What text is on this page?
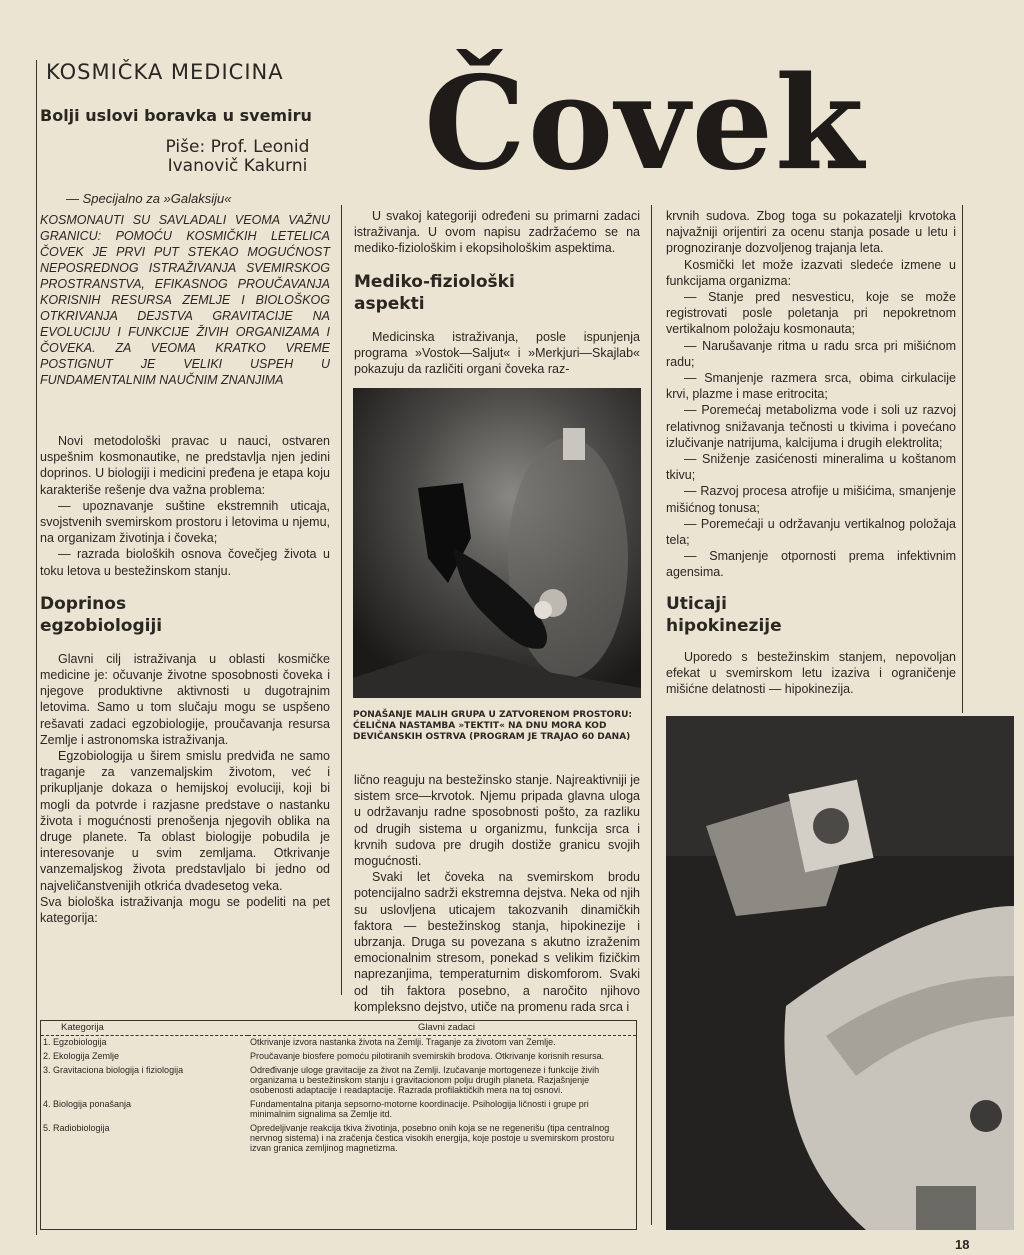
KOSMIČKA MEDICINA
Bolji uslovi boravka u svemiru
Piše: Prof. Leonid
Ivanovič Kakurni Čovek
— Specijalno za »Galaksiju«
KOSMONAUTI SU SAVLADALI VEOMA VAŽNU GRANICU: POMOĆU KOSMIČKIH LETELICA ČOVEK JE PRVI PUT STEKAO MOGUĆNOST NEPOSREDNOG ISTRAŽIVANJA SVEMIRSKOG PROSTRANSTVA, EFIKASNOG PROUČAVANJA KORISNIH RESURSA ZEMLJE I BIOLOŠKOG OTKRIVANJA DEJSTVA GRAVITACIJE NA EVOLUCIJU I FUNKCIJE ŽIVIH ORGANIZAMA I ČOVEKA. ZA VEOMA KRATKO VREME POSTIGNUT JE VELIKI USPEH U FUNDAMENTALNIM NAUČNIM ZNANJIMA

Novi metodološki pravac u nauci, ostvaren uspešnim kosmonautike, ne predstavlja njen jedini doprinos. U biologiji i medicini pređena je etapa koju karakteriše rešenje dva važna problema:

— upoznavanje suštine ekstremnih uticaja, svojstvenih svemirskom prostoru i letovima u njemu, na organizam životinja i čoveka;

— razrada bioloških osnova čovečjeg života u toku letova u bestežinskom stanju.

Doprinos egzobiologiji

Glavni cilj istraživanja u oblasti kosmičke medicine je: očuvanje životne sposobnosti čoveka i njegove produktivne aktivnosti u dugotrajnim letovima. Samo u tom slučaju mogu se uspšeno rešavati zadaci egzobiologije, proučavanja resursa Zemlje i astronomska istraživanja.

Egzobiologija u širem smislu predviđa ne samo traganje za vanzemaljskim životom, već i prikupljanje dokaza o hemijskoj evoluciji, koji bi mogli da potvrde i razjasne predstave o nastanku života i mogućnosti prenošenja njegovih oblika na druge planete. Ta oblast biologije pobudila je interesovanje u svim zemljama. Otkrivanje vanzemaljskog života predstavljalo bi jedno od najveličanstvenijih otkrića dvadesetog veka.

Sva biološka istraživanja mogu se podeliti na pet kategorija:

U svakoj kategoriji određeni su primarni zadaci istraživanja. U ovom napisu zadržaćemo se na mediko-fiziološkim i ekopsihološkim aspektima.

Mediko-fiziološki aspekti

Medicinska istraživanja, posle ispunjenja programa »Vostok—Saljut« i »Merkjuri—Skajlab« pokazuju da različiti organi čoveka raz-

PONAŠANJE MALIH GRUPA U ZATVORENOM PROSTORU: ĆELIČNA NASTAMBA »TEKTIT« NA DNU MORA KOD DEVIČANSKIH OSTRVA (PROGRAM JE TRAJAO 60 DANA)

lično reaguju na bestežinsko stanje. Najreaktivniji je sistem srce—krvotok. Njemu pripada glavna uloga u održavanju radne sposobnosti pošto, za razliku od drugih sistema u organizmu, funkcija srca i krvnih sudova pre drugih dostiže granicu svojih mogućnosti.

Svaki let čoveka na svemirskom brodu potencijalno sadrži ekstremna dejstva. Neka od njih su uslovljena uticajem takozvanih dinamičkih faktora — bestežinskog stanja, hipokinezije i ubrzanja. Druga su povezana s akutno izraženim emocionalnim stresom, ponekad s velikim fizičkim naprezanjima, temperaturnim diskomforom. Svaki od tih faktora posebno, a naročito njihovo kompleksno dejstvo, utiče na promenu rada srca i

krvnih sudova. Zbog toga su pokazatelji krvotoka najvažniji orijentiri za ocenu stanja posade u letu i prognoziranje dozvoljenog trajanja leta.

Kosmički let može izazvati sledeće izmene u funkcijama organizma:

— Stanje pred nesvesticu, koje se može registrovati posle poletanja pri nepokretnom vertikalnom položaju kosmonauta;

— Narušavanje ritma u radu srca pri mišićnom radu;

— Smanjenje razmera srca, obima cirkulacije krvi, plazme i mase eritrocita;

— Poremećaj metabolizma vode i soli uz razvoj relativnog snižavanja tečnosti u tkivima i povećano izlučivanje natrijuma, kalcijuma i drugih elektrolita;

— Sniženje zasićenosti mineralima u koštanom tkivu;

— Razvoj procesa atrofije u mišićima, smanjenje mišićnog tonusa;

— Poremećaji u održavanju vertikalnog položaja tela;

— Smanjenje otpornosti prema infektivnim agensima.

Uticaji hipokinezije

Uporedo s bestežinskim stanjem, nepovoljan efekat u svemirskom letu izaziva i ograničenje mišićne delatnosti — hipokinezija.

Kategorija	Glavni zadaci
1. Egzobiologija	Otkrivanje izvora nastanka života na Zemlji. Traganje za životom van Zemlje.
2. Ekologija Zemlje	Proučavanje biosfere pomoću pilotiranih svemirskih brodova. Otkrivanje korisnih resursa.
3. Gravitaciona biologija i fiziologija	Određivanje uloge gravitacije za život na Zemlji. Izučavanje mortogeneze i funkcije živih organizama u bestežinskom stanju i gravitacionom polju drugih planeta. Razjašnjenje osobenosti adaptacije i readaptacije. Razrada profilaktičkih mera na toj osnovi.
4. Biologija ponašanja	Fundamentalna pitanja sepsorno-motorne koordinacije. Psihologija ličnosti i grupe pri minimalnim signalima sa Zemlje itd.
5. Radiobiologija	Opredeljivanje reakcija tkiva životinja, posebno onih koja se ne regenerišu (tipa centralnog nervnog sistema) i na zračenja čestica visokih energija, koje postoje u svemirskom prostoru izvan granica zemljinog magnetizma.
18
